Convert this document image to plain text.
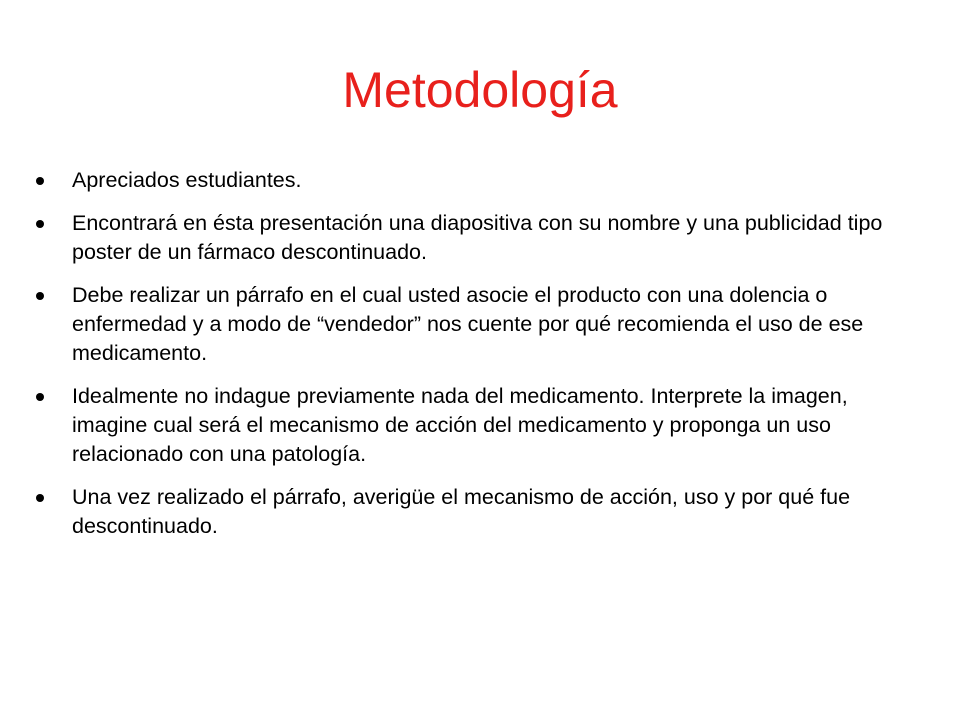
Metodología
Apreciados estudiantes.
Encontrará en ésta presentación una diapositiva con su nombre y una publicidad tipo poster de un fármaco descontinuado.
Debe realizar un párrafo en el cual usted asocie el producto con una dolencia o enfermedad y a modo de “vendedor” nos cuente por qué recomienda el uso de ese medicamento.
Idealmente no indague previamente nada del medicamento. Interprete la imagen, imagine cual será el mecanismo de acción del medicamento y proponga un uso relacionado con una patología.
Una vez realizado el párrafo, averigüe el mecanismo de acción, uso y por qué fue descontinuado.
